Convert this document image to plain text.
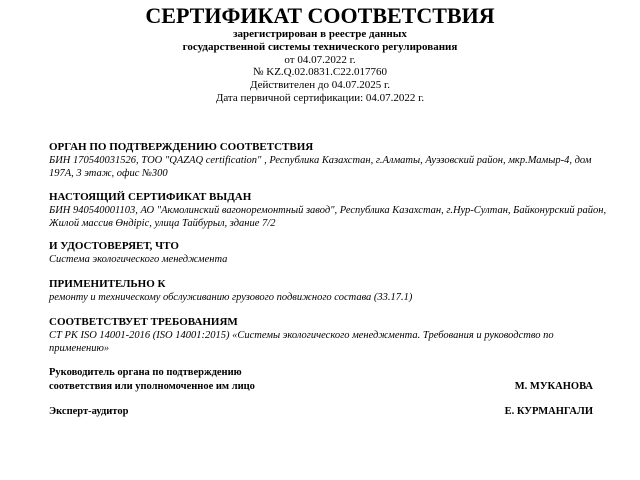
СЕРТИФИКАТ СООТВЕТСТВИЯ
зарегистрирован в реестре данных
государственной системы технического регулирования
от 04.07.2022 г.
№ KZ.Q.02.0831.С22.017760
Действителен до 04.07.2025 г.
Дата первичной сертификации: 04.07.2022 г.
ОРГАН ПО ПОДТВЕРЖДЕНИЮ СООТВЕТСТВИЯ
БИН 170540031526, ТОО "QAZAQ certification" , Республика Казахстан, г.Алматы, Ауэзовский район, мкр.Мамыр-4, дом 197А, 3 этаж, офис №300
НАСТОЯЩИЙ СЕРТИФИКАТ ВЫДАН
БИН 940540001103, АО "Акмолинский вагоноремонтный завод", Республика Казахстан, г.Нур-Султан, Байконурский район, Жилой массив Өндіріс, улица Тайбурыл, здание 7/2
И УДОСТОВЕРЯЕТ, ЧТО
Система экологического менеджмента
ПРИМЕНИТЕЛЬНО К
ремонту и техническому обслуживанию грузового подвижного состава (33.17.1)
СООТВЕТСТВУЕТ ТРЕБОВАНИЯМ
СТ РК ISO 14001-2016 (ISO 14001:2015) «Системы экологического менеджмента. Требования и руководство по применению»
Руководитель органа по подтверждению
соответствия или уполномоченное им лицо	М. МУКАНОВА
Эксперт-аудитор	Е. КУРМАНГАЛИ
